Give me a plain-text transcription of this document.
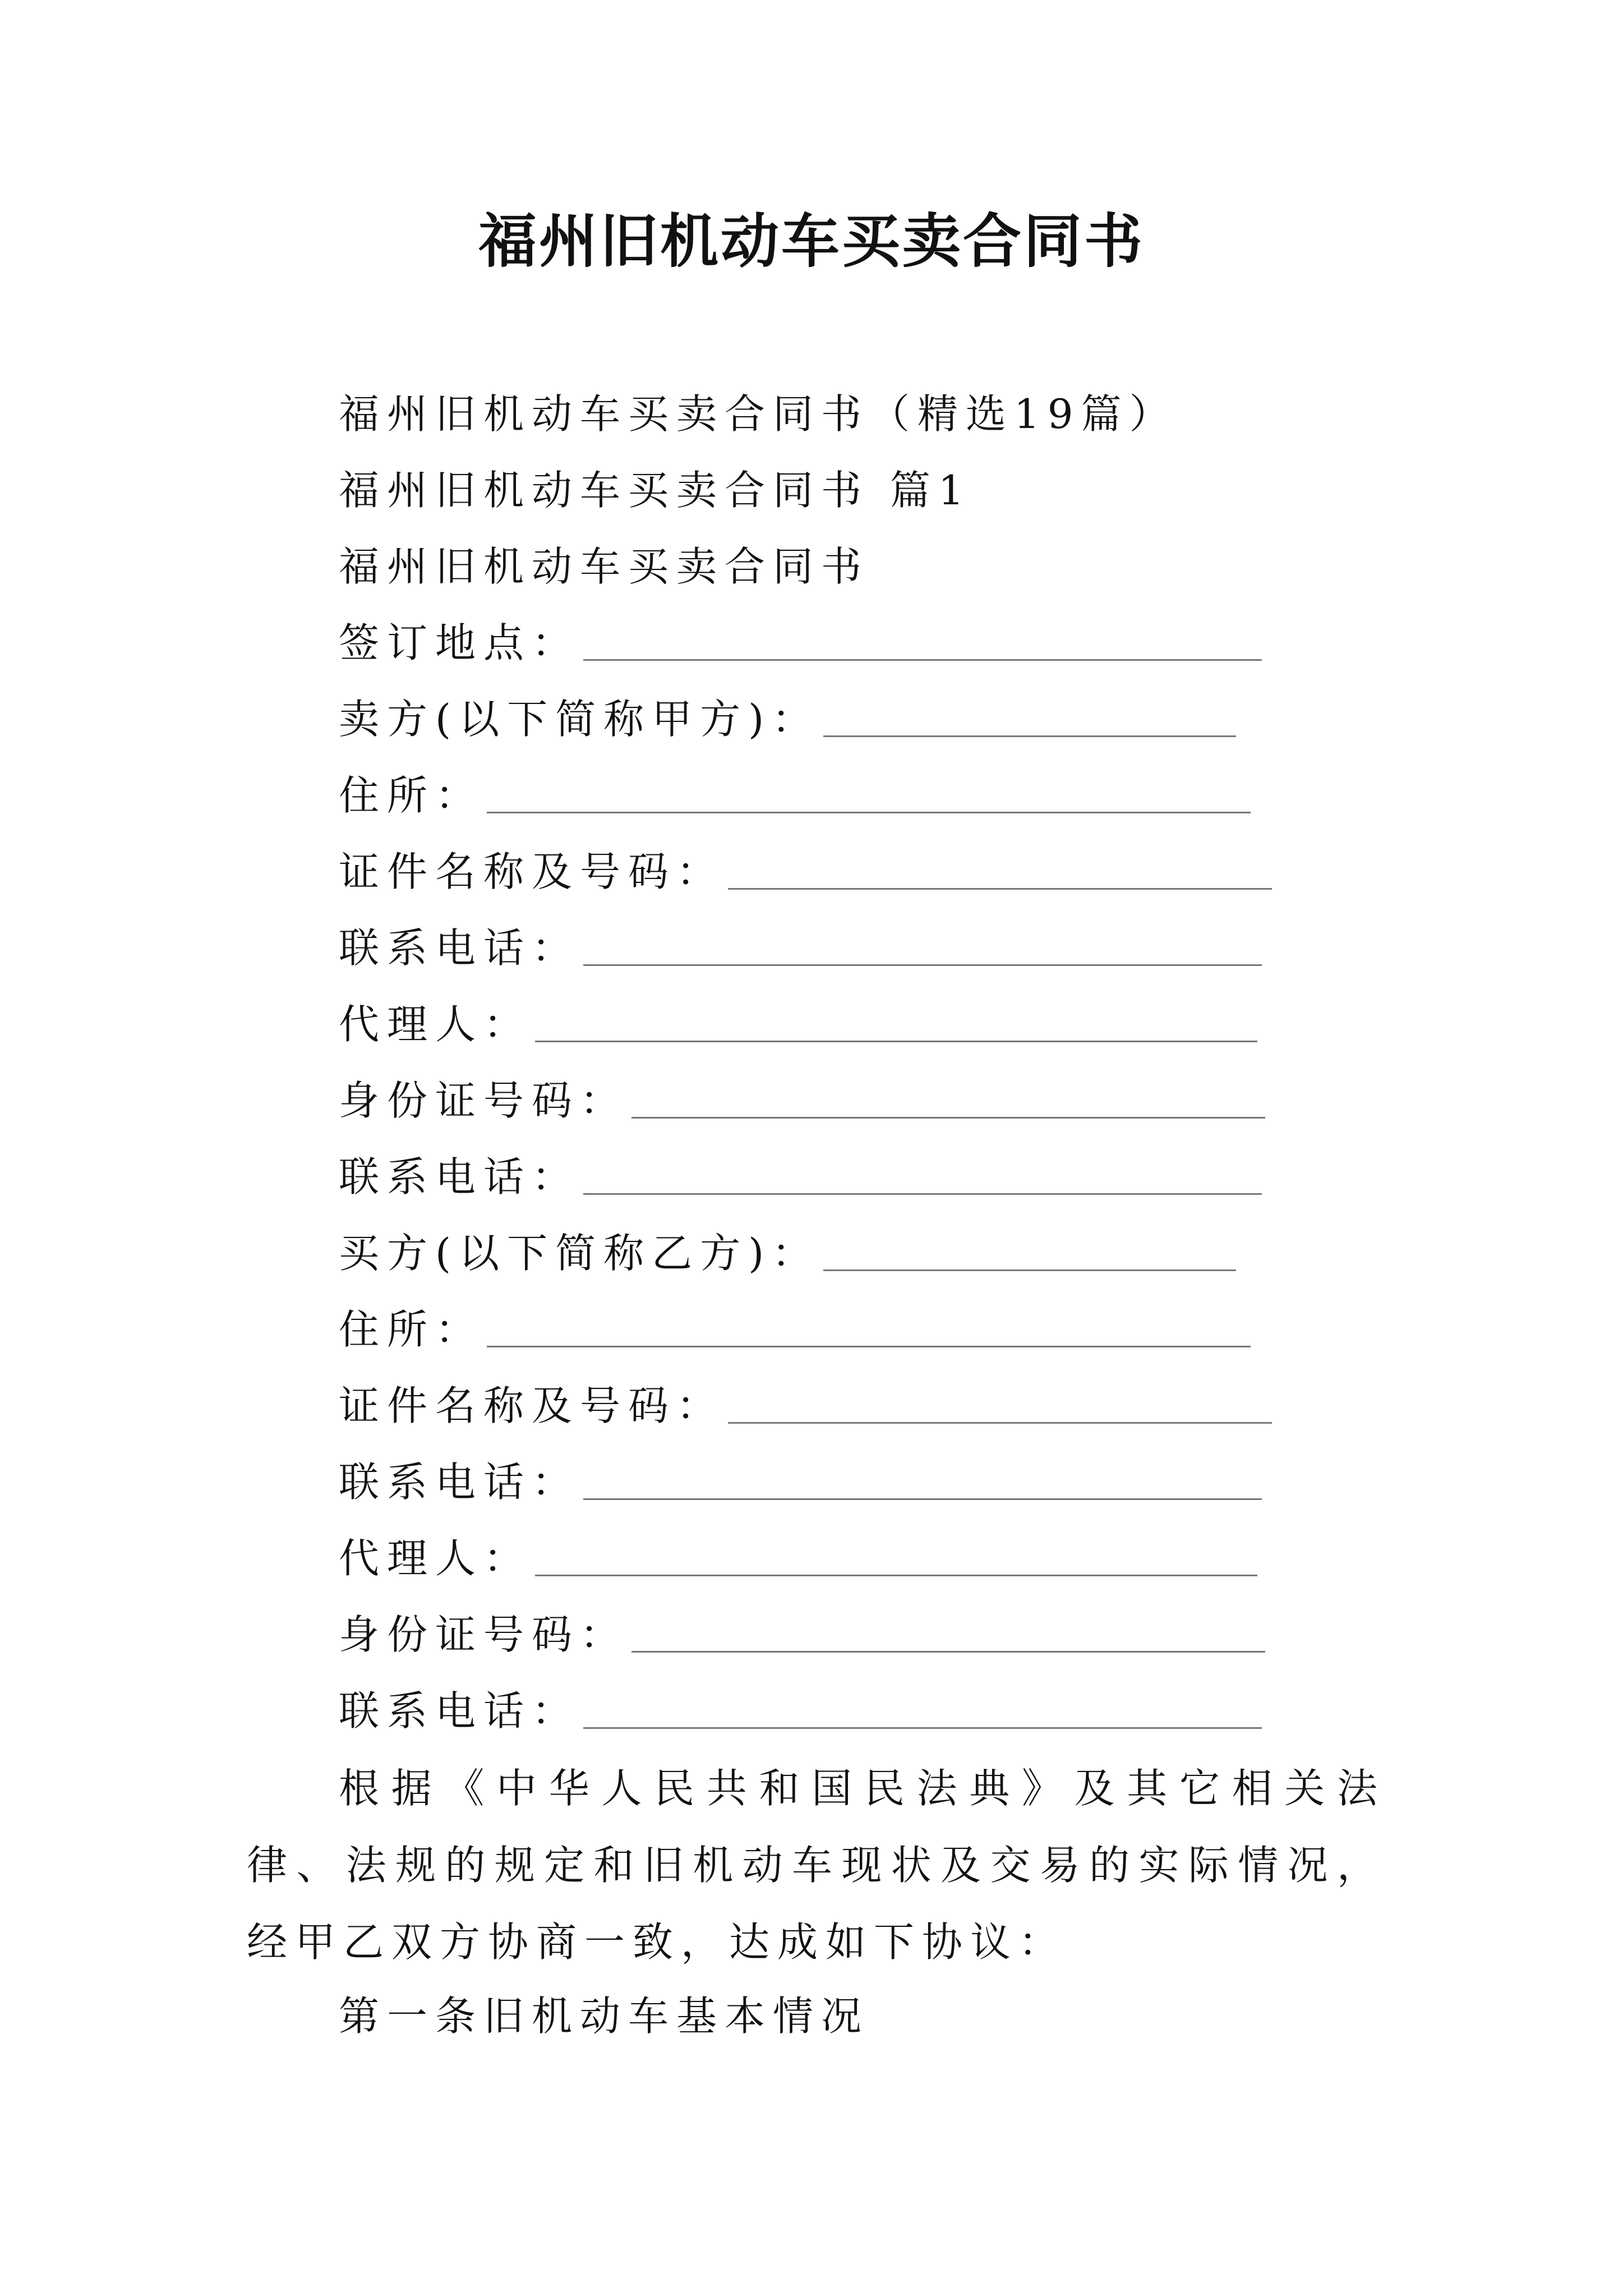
福州旧机动车买卖合同书
福州旧机动车买卖合同书（精选19篇）
福州旧机动车买卖合同书 篇1
福州旧机动车买卖合同书
签订地点：
卖方(以下简称甲方)：
住所：
证件名称及号码：
联系电话：
代理人：
身份证号码：
联系电话：
买方(以下简称乙方)：
住所：
证件名称及号码：
联系电话：
代理人：
身份证号码：
联系电话：

根据《中华人民共和国民法典》及其它相关法律、法规的规定和旧机动车现状及交易的实际情况，经甲乙双方协商一致，达成如下协议：

第一条旧机动车基本情况
